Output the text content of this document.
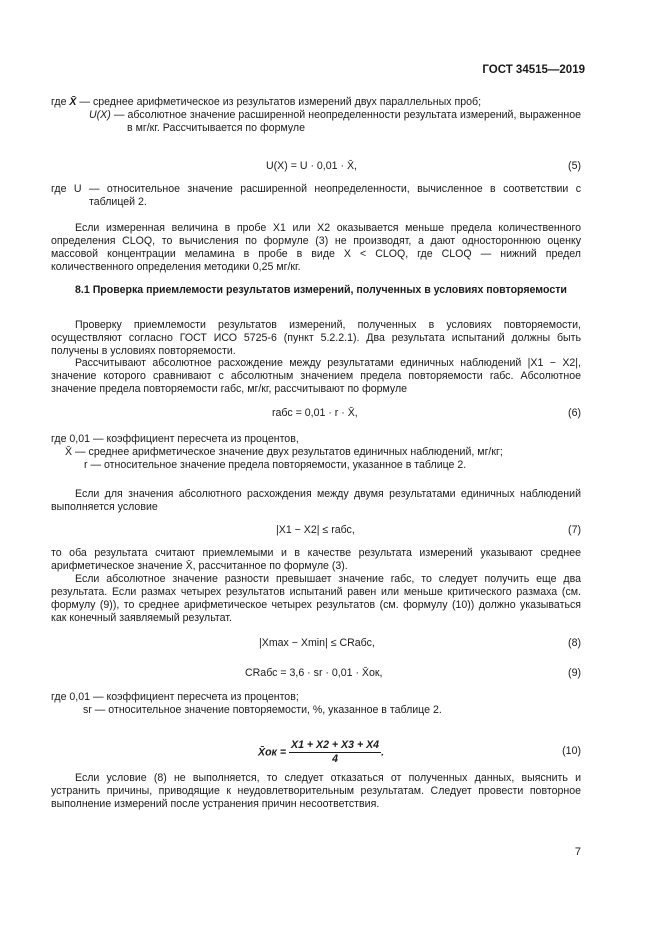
ГОСТ 34515—2019

где X̄ — среднее арифметическое из результатов измерений двух параллельных проб;

U(X) — абсолютное значение расширенной неопределенности результата измерений, выраженное в мг/кг. Рассчитывается по формуле

U(X) = U · 0,01 · X̄,	(5)

где U — относительное значение расширенной неопределенности, вычисленное в соответствии с таблицей 2.

Если измеренная величина в пробе X1 или X2 оказывается меньше предела количественного определения CLOQ, то вычисления по формуле (3) не производят, а дают одностороннюю оценку массовой концентрации меламина в пробе в виде X < CLOQ, где CLOQ — нижний предел количественного определения методики 0,25 мг/кг.

8.1 Проверка приемлемости результатов измерений, полученных в условиях повторяемости

Проверку приемлемости результатов измерений, полученных в условиях повторяемости, осуществляют согласно ГОСТ ИСО 5725-6 (пункт 5.2.2.1). Два результата испытаний должны быть получены в условиях повторяемости.

Рассчитывают абсолютное расхождение между результатами единичных наблюдений |X1 − X2|, значение которого сравнивают с абсолютным значением предела повторяемости rабс. Абсолютное значение предела повторяемости rабс, мг/кг, рассчитывают по формуле

rабс = 0,01 · r · X̄,	(6)

где 0,01 — коэффициент пересчета из процентов,

X̄ — среднее арифметическое значение двух результатов единичных наблюдений, мг/кг;

r — относительное значение предела повторяемости, указанное в таблице 2.

Если для значения абсолютного расхождения между двумя результатами единичных наблюдений выполняется условие

|X1 − X2| ≤ rабс,	(7)

то оба результата считают приемлемыми и в качестве результата измерений указывают среднее арифметическое значение X̄, рассчитанное по формуле (3).

Если абсолютное значение разности превышает значение rабс, то следует получить еще два результата. Если размах четырех результатов испытаний равен или меньше критического размаха (см. формулу (9)), то среднее арифметическое четырех результатов (см. формулу (10)) должно указываться как конечный заявляемый результат.

|Xmax − Xmin| ≤ CRабс,	(8)
CRабс = 3,6 · sr · 0,01 · X̄ок,	(9)

где 0,01 — коэффициент пересчета из процентов;

sr — относительное значение повторяемости, %, указанное в таблице 2.

X̄ок = $\frac{X1 + X2 + X3 + X4}{4}$ .	(10)

Если условие (8) не выполняется, то следует отказаться от полученных данных, выяснить и устранить причины, приводящие к неудовлетворительным результатам. Следует провести повторное выполнение измерений после устранения причин несоответствия.

7
